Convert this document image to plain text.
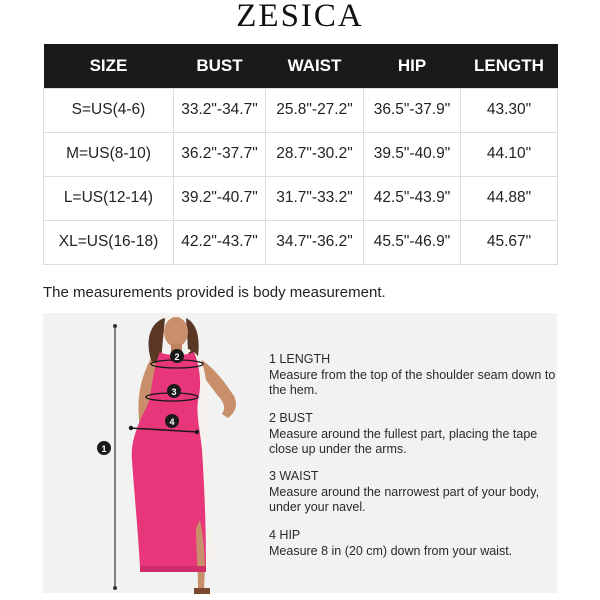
ZESICA
SIZE	BUST	WAIST	HIP	LENGTH
S=US(4-6)	33.2"-34.7"	25.8"-27.2"	36.5"-37.9"	43.30"
M=US(8-10)	36.2"-37.7"	28.7"-30.2"	39.5"-40.9"	44.10"
L=US(12-14)	39.2"-40.7"	31.7"-33.2"	42.5"-43.9"	44.88"
XL=US(16-18)	42.2"-43.7"	34.7"-36.2"	45.5"-46.9"	45.67"
The measurements provided is body measurement.
1
2
3
4
1 LENGTH
Measure from the top of the shoulder seam down to the hem.
2 BUST
Measure around the fullest part, placing the tape close up under the arms.
3 WAIST
Measure around the narrowest part of your body, under your navel.
4 HIP
Measure 8 in (20 cm) down from your waist.
